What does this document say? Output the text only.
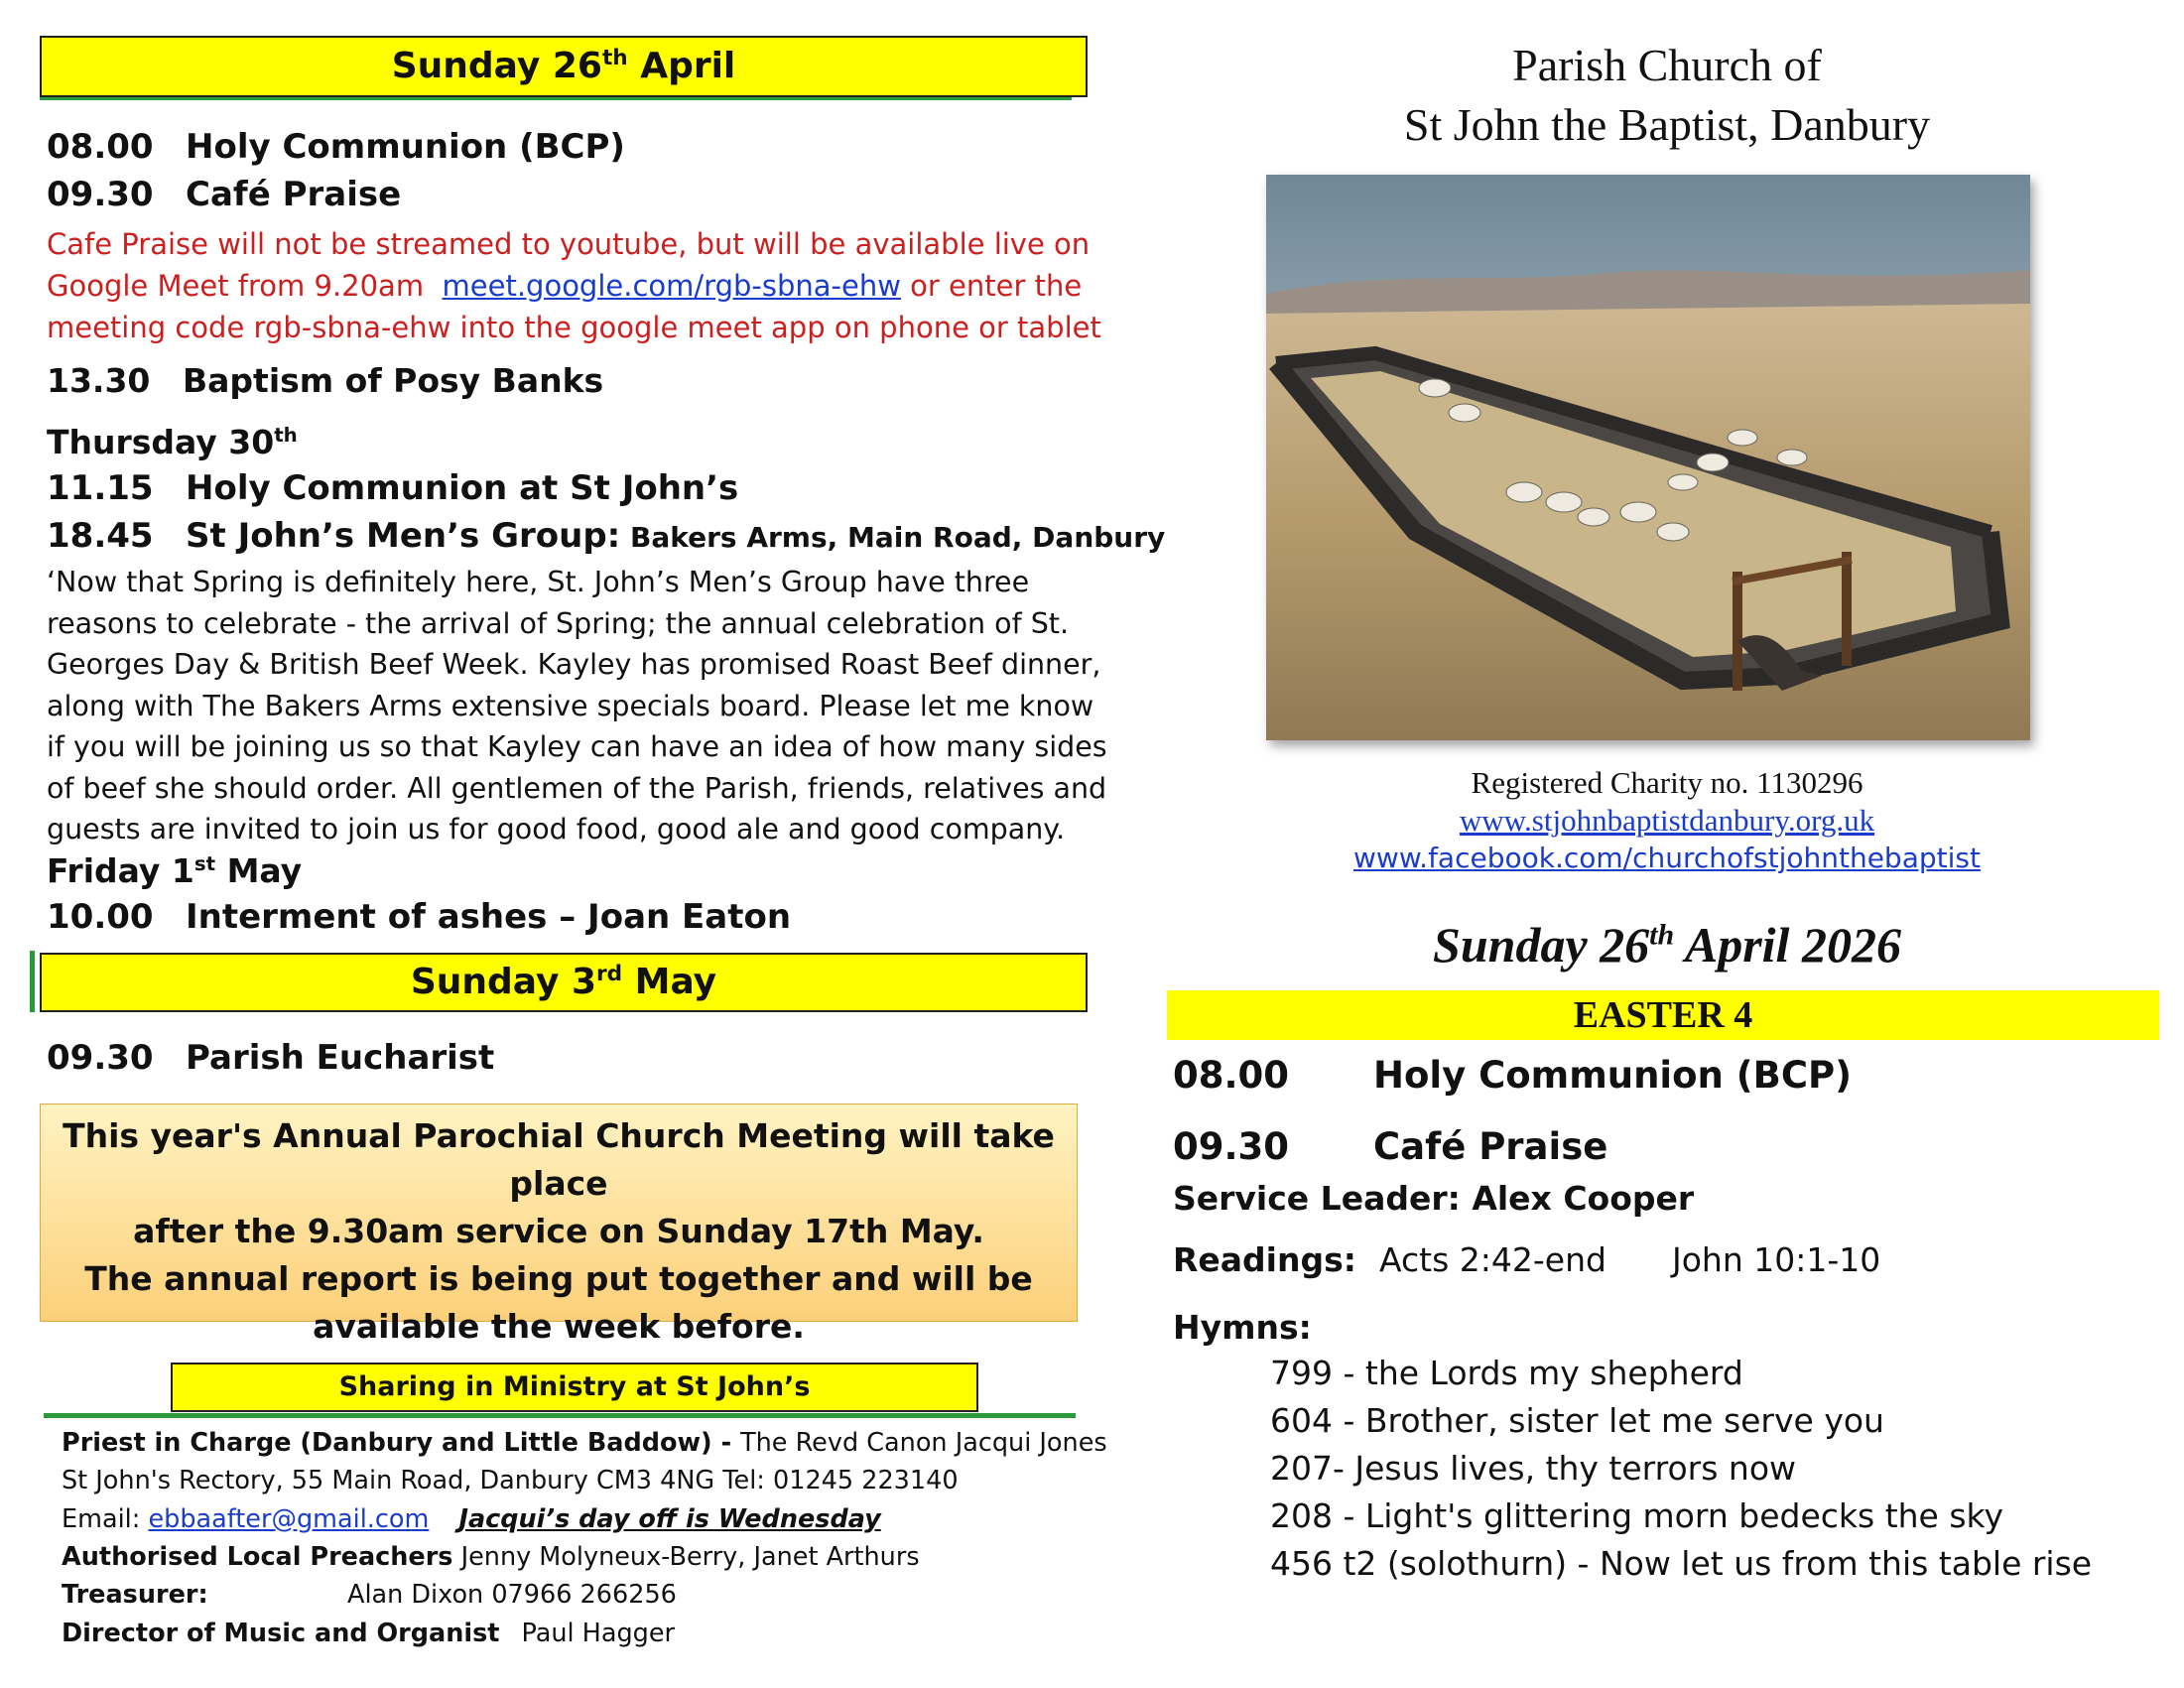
Sunday 26th April
08.00 Holy Communion (BCP)
09.30 Café Praise
Cafe Praise will not be streamed to youtube, but will be available live on
Google Meet from 9.20am  meet.google.com/rgb-sbna-ehw or enter the
meeting code rgb-sbna-ehw into the google meet app on phone or tablet
13.30 Baptism of Posy Banks
Thursday 30th
11.15 Holy Communion at St John’s
18.45 St John’s Men’s Group: Bakers Arms, Main Road, Danbury
‘Now that Spring is definitely here, St. John’s Men’s Group have three
reasons to celebrate - the arrival of Spring; the annual celebration of St.
Georges Day & British Beef Week. Kayley has promised Roast Beef dinner,
along with The Bakers Arms extensive specials board. Please let me know
if you will be joining us so that Kayley can have an idea of how many sides
of beef she should order. All gentlemen of the Parish, friends, relatives and
guests are invited to join us for good food, good ale and good company.
Friday 1st May
10.00 Interment of ashes – Joan Eaton
Sunday 3rd May
09.30 Parish Eucharist
This year's Annual Parochial Church Meeting will take place
after the 9.30am service on Sunday 17th May.
The annual report is being put together and will be
available the week before.
Sharing in Ministry at St John’s
Priest in Charge (Danbury and Little Baddow) - The Revd Canon Jacqui Jones
St John's Rectory, 55 Main Road, Danbury CM3 4NG Tel: 01245 223140
Email: ebbaafter@gmail.com Jacqui’s day off is Wednesday
Authorised Local Preachers Jenny Molyneux-Berry, Janet Arthurs
Treasurer:	Alan Dixon 07966 266256
Director of Music and Organist Paul Hagger
Parish Church of
St John the Baptist, Danbury
Registered Charity no. 1130296
www.stjohnbaptistdanbury.org.uk
www.facebook.com/churchofstjohnthebaptist
Sunday 26th April 2026
EASTER 4
08.00 Holy Communion (BCP)
09.30 Café Praise
Service Leader: Alex Cooper
Readings: Acts 2:42-end John 10:1-10
Hymns:
799 - the Lords my shepherd
604 - Brother, sister let me serve you
207- Jesus lives, thy terrors now
208 - Light's glittering morn bedecks the sky
456 t2 (solothurn) - Now let us from this table rise
